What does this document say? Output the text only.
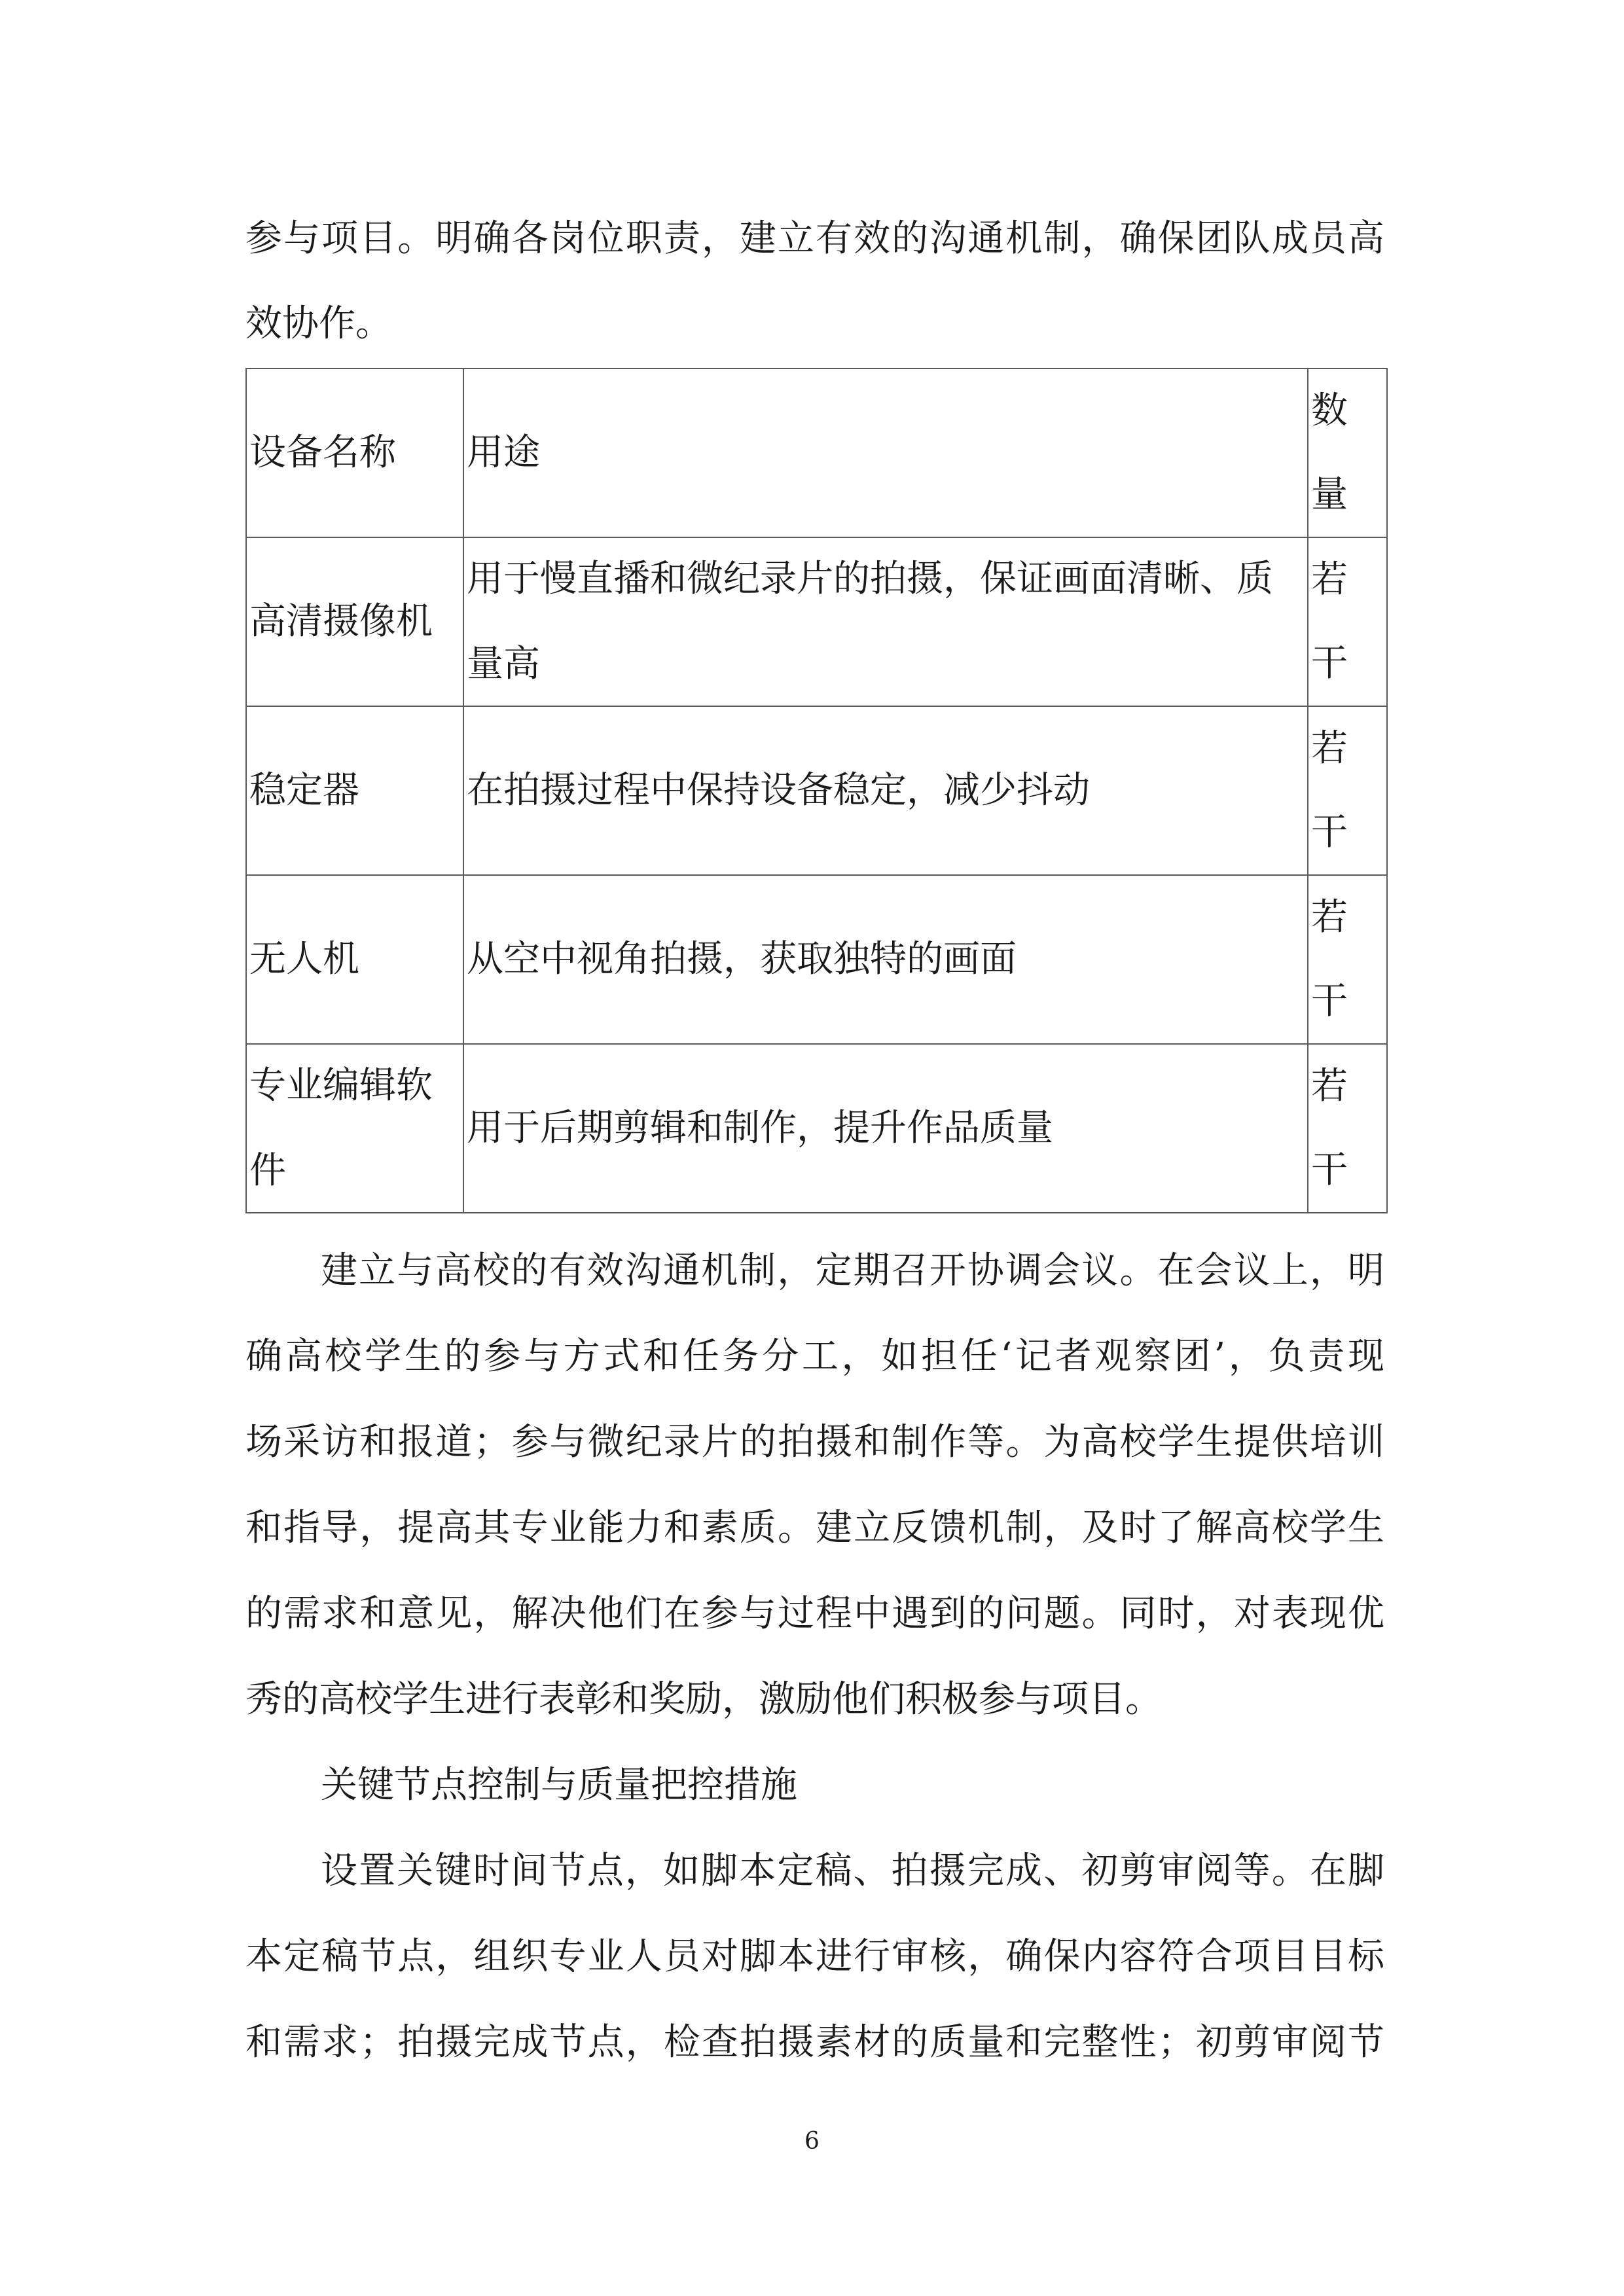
参与项目。明确各岗位职责，建立有效的沟通机制，确保团队成员高
效协作。
设备名称	用途	数
量

高清摄像机	用于慢直播和微纪录片的拍摄，保证画面清晰、质
量高	若
干

稳定器	在拍摄过程中保持设备稳定，减少抖动	若
干

无人机	从空中视角拍摄，获取独特的画面	若
干

专业编辑软
件	用于后期剪辑和制作，提升作品质量	若
干
建立与高校的有效沟通机制，定期召开协调会议。在会议上，明
确高校学生的参与方式和任务分工，如担任‘记者观察团’，负责现
场采访和报道；参与微纪录片的拍摄和制作等。为高校学生提供培训
和指导，提高其专业能力和素质。建立反馈机制，及时了解高校学生
的需求和意见，解决他们在参与过程中遇到的问题。同时，对表现优
秀的高校学生进行表彰和奖励，激励他们积极参与项目。
关键节点控制与质量把控措施
设置关键时间节点，如脚本定稿、拍摄完成、初剪审阅等。在脚
本定稿节点，组织专业人员对脚本进行审核，确保内容符合项目目标
和需求；拍摄完成节点，检查拍摄素材的质量和完整性；初剪审阅节
6
